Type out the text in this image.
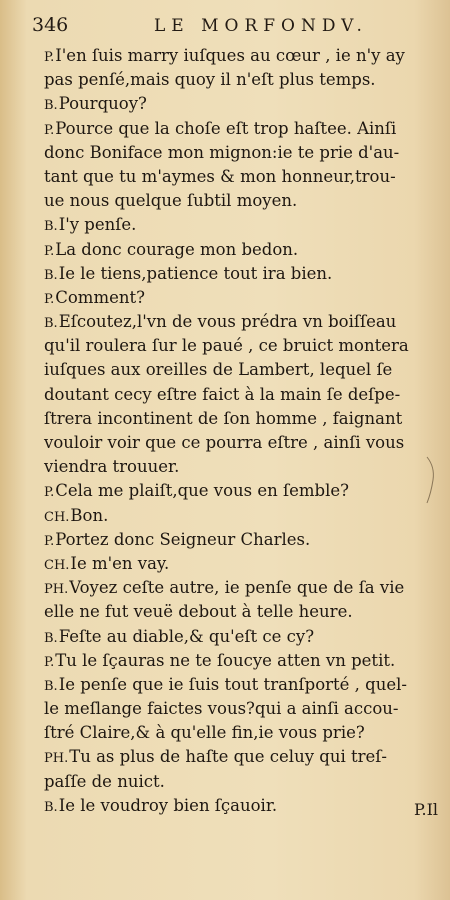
346	LE MORFONDV.
P.I'en ſuis marry iuſques au cœur , ie n'y ay
pas penſé,mais quoy il n'eſt plus temps.
B.Pourquoy?
P.Pource que la choſe eſt trop haſtee. Ainſi
donc Boniface mon mignon:ie te prie d'au-
tant que tu m'aymes & mon honneur,trou-
ue nous quelque ſubtil moyen.
B.I'y penſe.
P.La donc courage mon bedon.
B.Ie le tiens,patience tout ira bien.
P.Comment?
B.Eſcoutez,l'vn de vous prédra vn boiſſeau
qu'il roulera ſur le paué , ce bruict montera
iuſques aux oreilles de Lambert, lequel ſe
doutant cecy eſtre faict à la main ſe deſpe-
ſtrera incontinent de ſon homme , faignant
vouloir voir que ce pourra eſtre , ainſi vous
viendra trouuer.
P.Cela me plaiſt,que vous en ſemble?
CH.Bon.
P.Portez donc Seigneur Charles.
CH.Ie m'en vay.
PH.Voyez ceſte autre, ie penſe que de ſa vie
elle ne fut veuë debout à telle heure.
B.Feſte au diable,& qu'eſt ce cy?
P.Tu le ſçauras ne te ſoucye atten vn petit.
B.Ie penſe que ie ſuis tout tranſporté , quel-
le meſlange faictes vous?qui a ainſi accou-
ſtré Claire,& à qu'elle fin,ie vous prie?
PH.Tu as plus de haſte que celuy qui treſ-
paſſe de nuict.
B.Ie le voudroy bien ſçauoir.	P.Il
